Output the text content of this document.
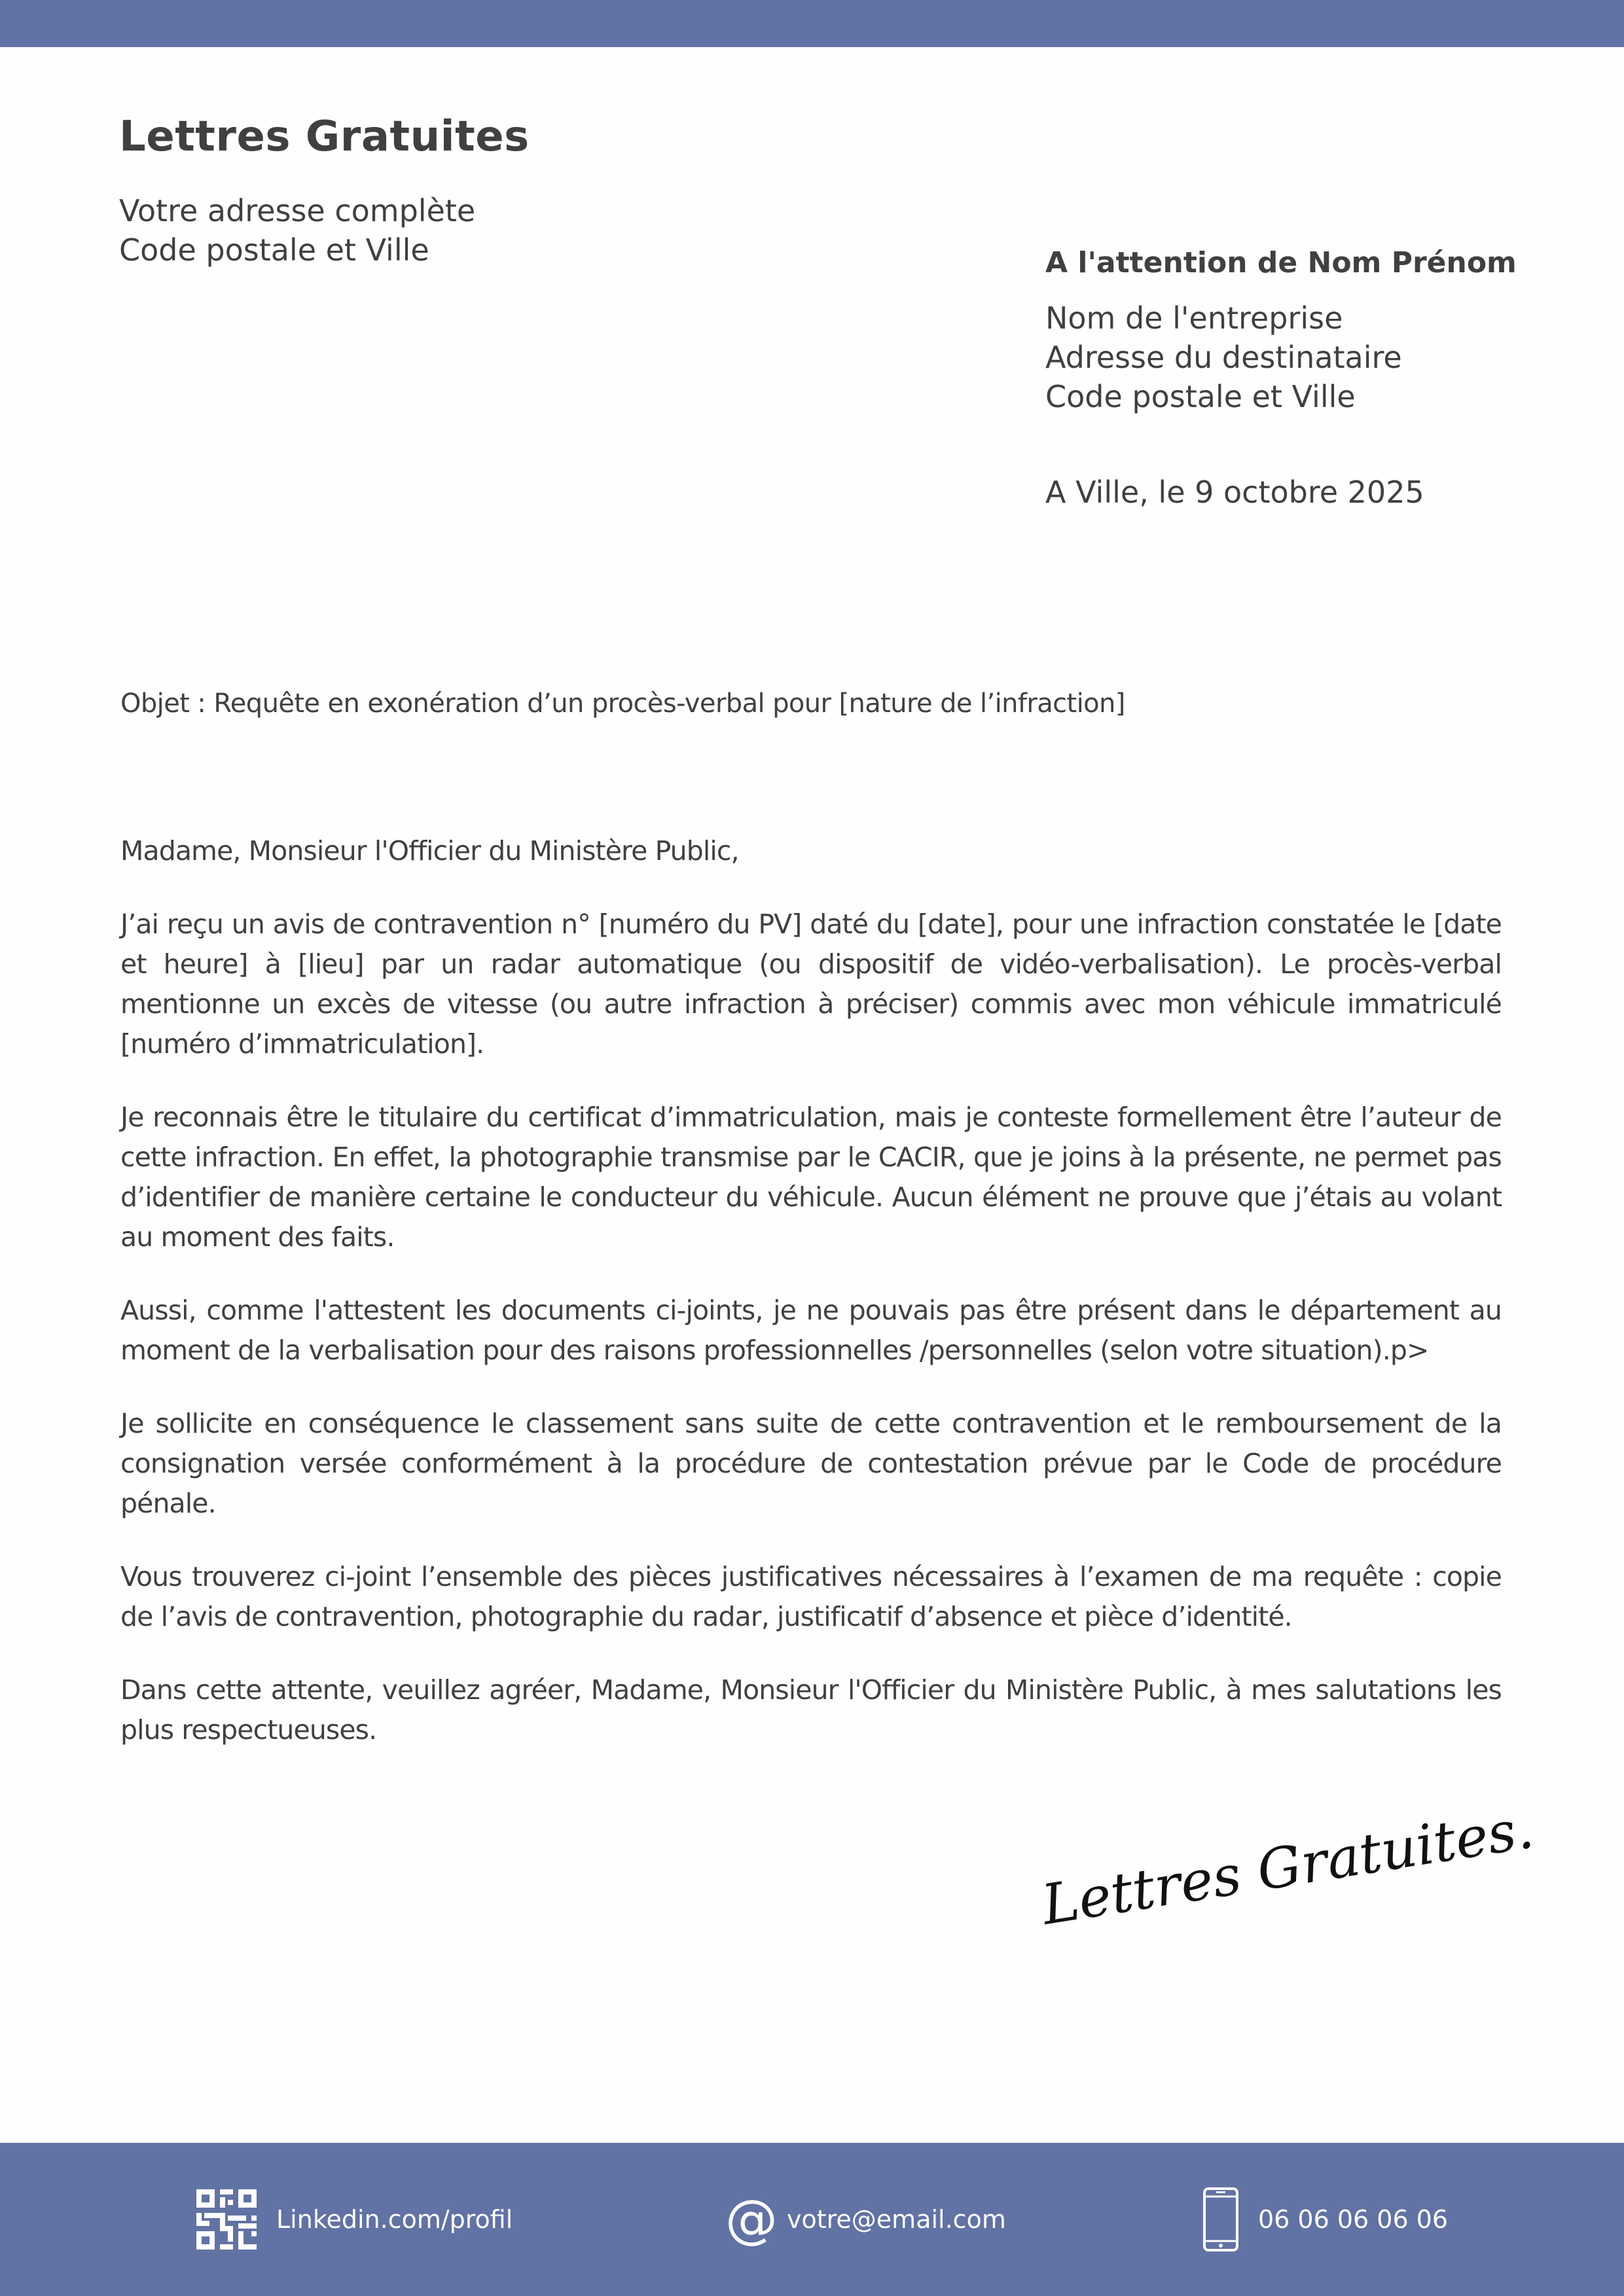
Lettres Gratuites
Votre adresse complète
Code postale et Ville	A l'attention de Nom Prénom
Nom de l'entreprise
Adresse du destinataire
Code postale et Ville
A Ville, le 9 octobre 2025
Objet : Requête en exonération d’un procès-verbal pour [nature de l’infraction]

Madame, Monsieur l'Officier du Ministère Public,

J’ai reçu un avis de contravention n° [numéro du PV] daté du [date], pour une infraction constatée le [date et heure] à [lieu] par un radar automatique (ou dispositif de vidéo-verbalisation). Le procès-verbal mentionne un excès de vitesse (ou autre infraction à préciser) commis avec mon véhicule immatriculé [numéro d’immatriculation].

Je reconnais être le titulaire du certificat d’immatriculation, mais je conteste formellement être l’auteur de cette infraction. En effet, la photographie transmise par le CACIR, que je joins à la présente, ne permet pas d’identifier de manière certaine le conducteur du véhicule. Aucun élément ne prouve que j’étais au volant au moment des faits.

Aussi, comme l'attestent les documents ci-joints, je ne pouvais pas être présent dans le département au moment de la verbalisation pour des raisons professionnelles /personnelles (selon votre situation).p>

Je sollicite en conséquence le classement sans suite de cette contravention et le remboursement de la consignation versée conformément à la procédure de contestation prévue par le Code de procédure pénale.

Vous trouverez ci-joint l’ensemble des pièces justificatives nécessaires à l’examen de ma requête : copie de l’avis de contravention, photographie du radar, justificatif d’absence et pièce d’identité.

Dans cette attente, veuillez agréer, Madame, Monsieur l'Officier du Ministère Public, à mes salutations les plus respectueuses.

Lettres Gratuites.
Linkedin.com/profil	@ votre@email.com	06 06 06 06 06
